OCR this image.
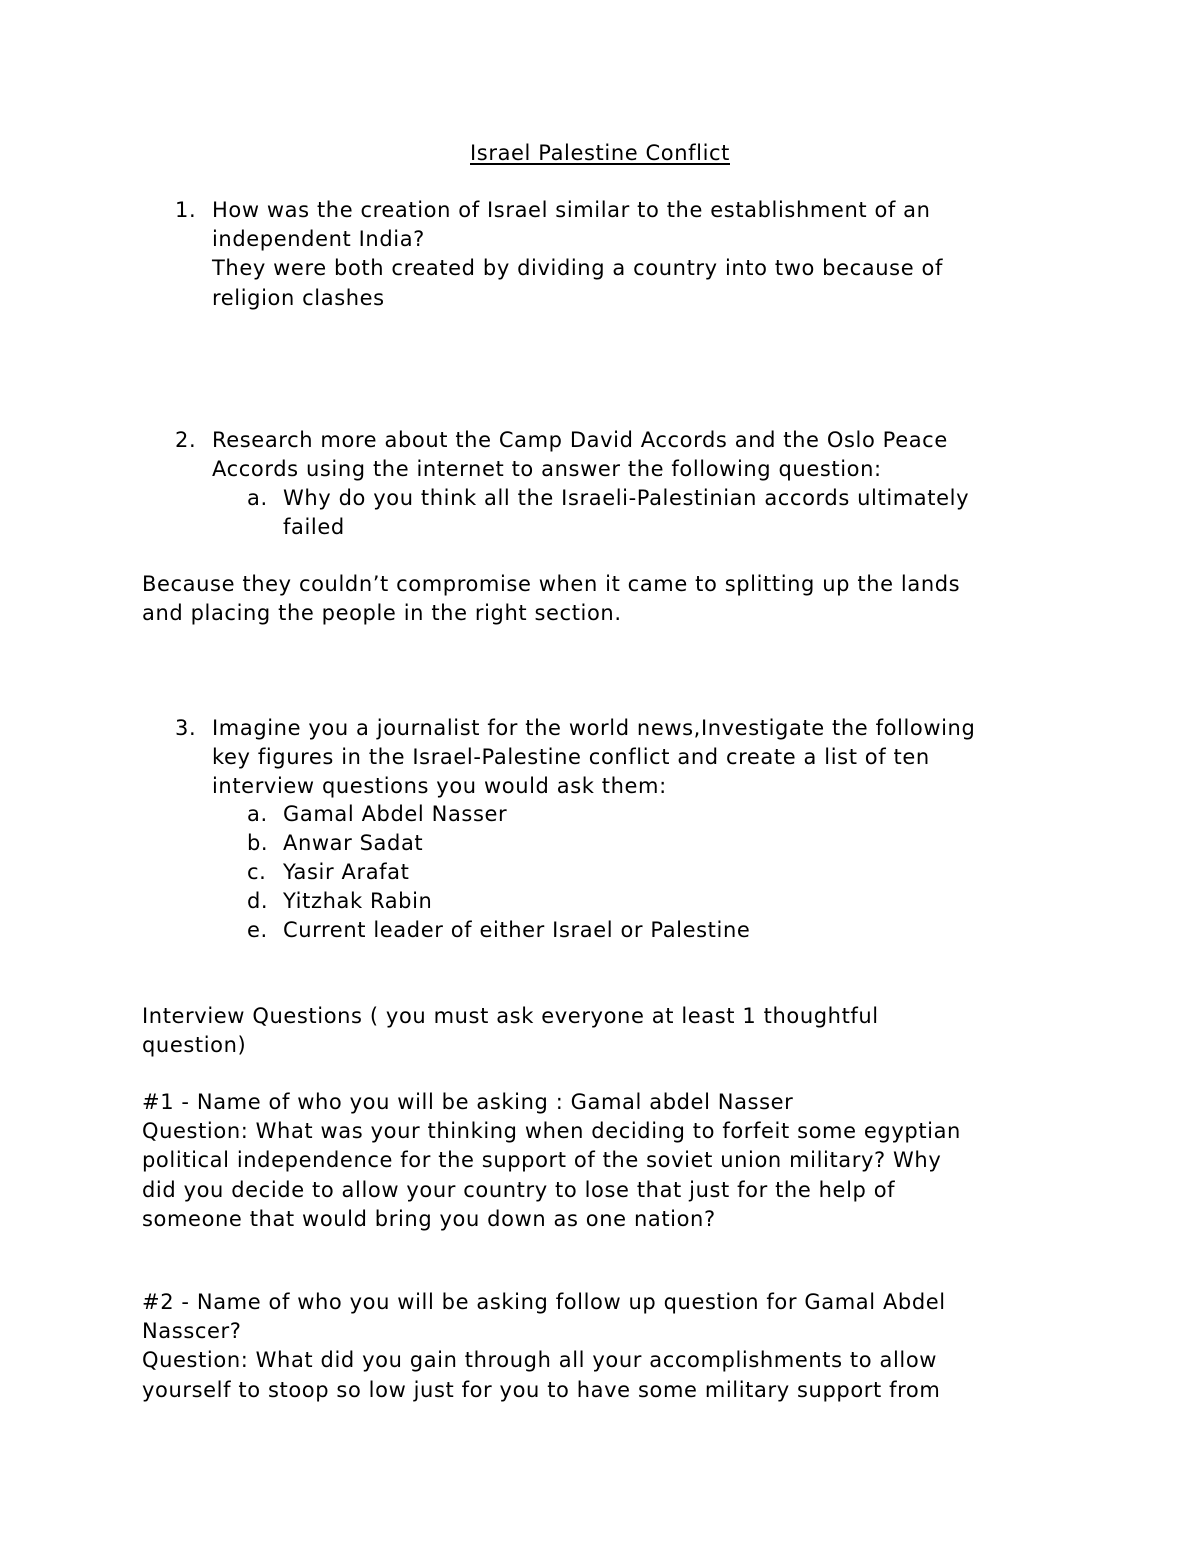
Israel Palestine Conflict
1. How was the creation of Israel similar to the establishment of an
independent India?
They were both created by dividing a country into two because of
religion clashes
2. Research more about the Camp David Accords and the Oslo Peace
Accords using the internet to answer the following question:
a. Why do you think all the Israeli-Palestinian accords ultimately
failed
Because they couldn’t compromise when it came to splitting up the lands
and placing the people in the right section.
3. Imagine you a journalist for the world news,Investigate the following
key figures in the Israel-Palestine conflict and create a list of ten
interview questions you would ask them:
a. Gamal Abdel Nasser
b. Anwar Sadat
c. Yasir Arafat
d. Yitzhak Rabin
e. Current leader of either Israel or Palestine
Interview Questions ( you must ask everyone at least 1 thoughtful
question)
#1 - Name of who you will be asking : Gamal abdel Nasser
Question: What was your thinking when deciding to forfeit some egyptian
political independence for the support of the soviet union military? Why
did you decide to allow your country to lose that just for the help of
someone that would bring you down as one nation?
#2 - Name of who you will be asking follow up question for Gamal Abdel
Nasscer?
Question: What did you gain through all your accomplishments to allow
yourself to stoop so low just for you to have some military support from
